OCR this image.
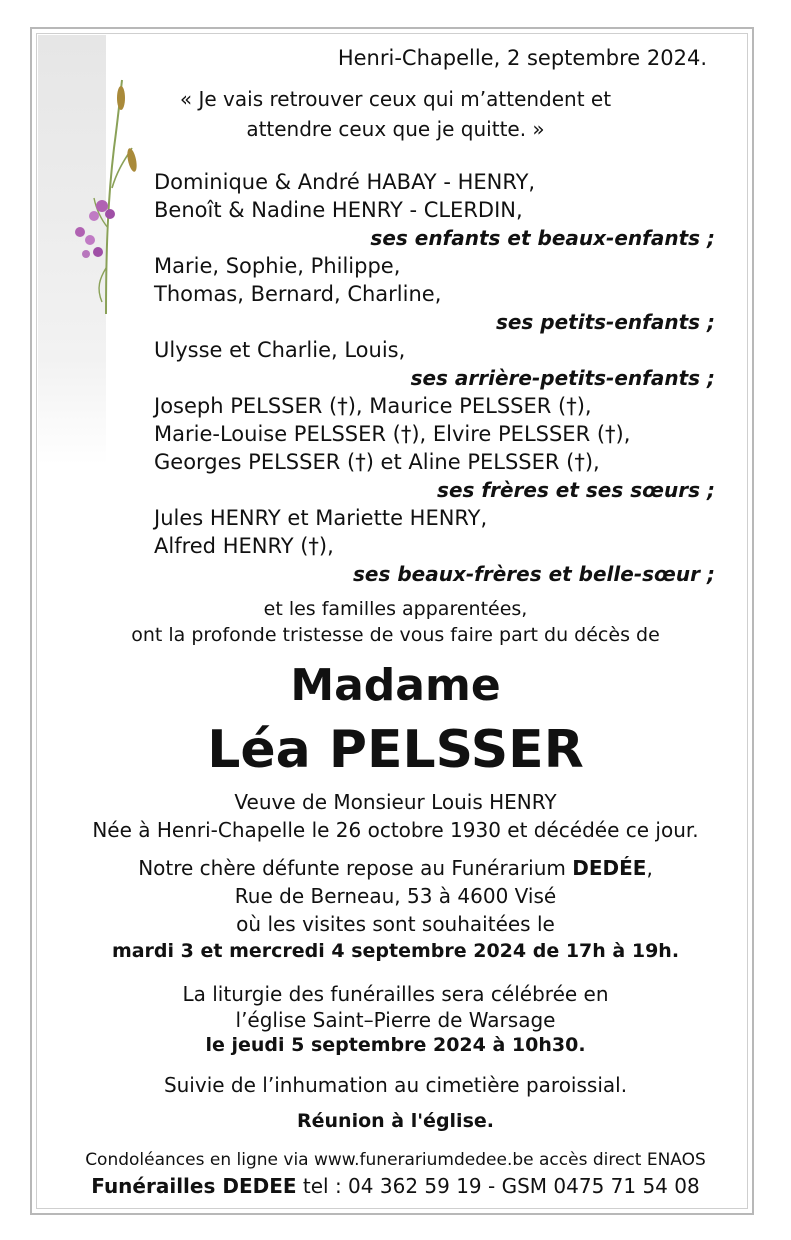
Henri-Chapelle, 2 septembre 2024.
« Je vais retrouver ceux qui m’attendent et
attendre ceux que je quitte. »
Dominique & André HABAY - HENRY,
Benoît & Nadine HENRY - CLERDIN,
ses enfants et beaux-enfants ;
Marie, Sophie, Philippe,
Thomas, Bernard, Charline,
ses petits-enfants ;
Ulysse et Charlie, Louis,
ses arrière-petits-enfants ;
Joseph PELSSER (†), Maurice PELSSER (†),
Marie-Louise PELSSER (†), Elvire PELSSER (†),
Georges PELSSER (†) et Aline PELSSER (†),
ses frères et ses sœurs ;
Jules HENRY et Mariette HENRY,
Alfred HENRY (†),
ses beaux-frères et belle-sœur ;
et les familles apparentées,
ont la profonde tristesse de vous faire part du décès de
Madame
Léa PELSSER
Veuve de Monsieur Louis HENRY
Née à Henri-Chapelle le 26 octobre 1930 et décédée ce jour.
Notre chère défunte repose au Funérarium DEDÉE,
Rue de Berneau, 53 à 4600 Visé
où les visites sont souhaitées le
mardi 3 et mercredi 4 septembre 2024 de 17h à 19h.
La liturgie des funérailles sera célébrée en
l’église Saint–Pierre de Warsage
le jeudi 5 septembre 2024 à 10h30.
Suivie de l’inhumation au cimetière paroissial.
Réunion à l'église.
Condoléances en ligne via www.funerariumdedee.be accès direct ENAOS
Funérailles DEDEE tel : 04 362 59 19 - GSM 0475 71 54 08
